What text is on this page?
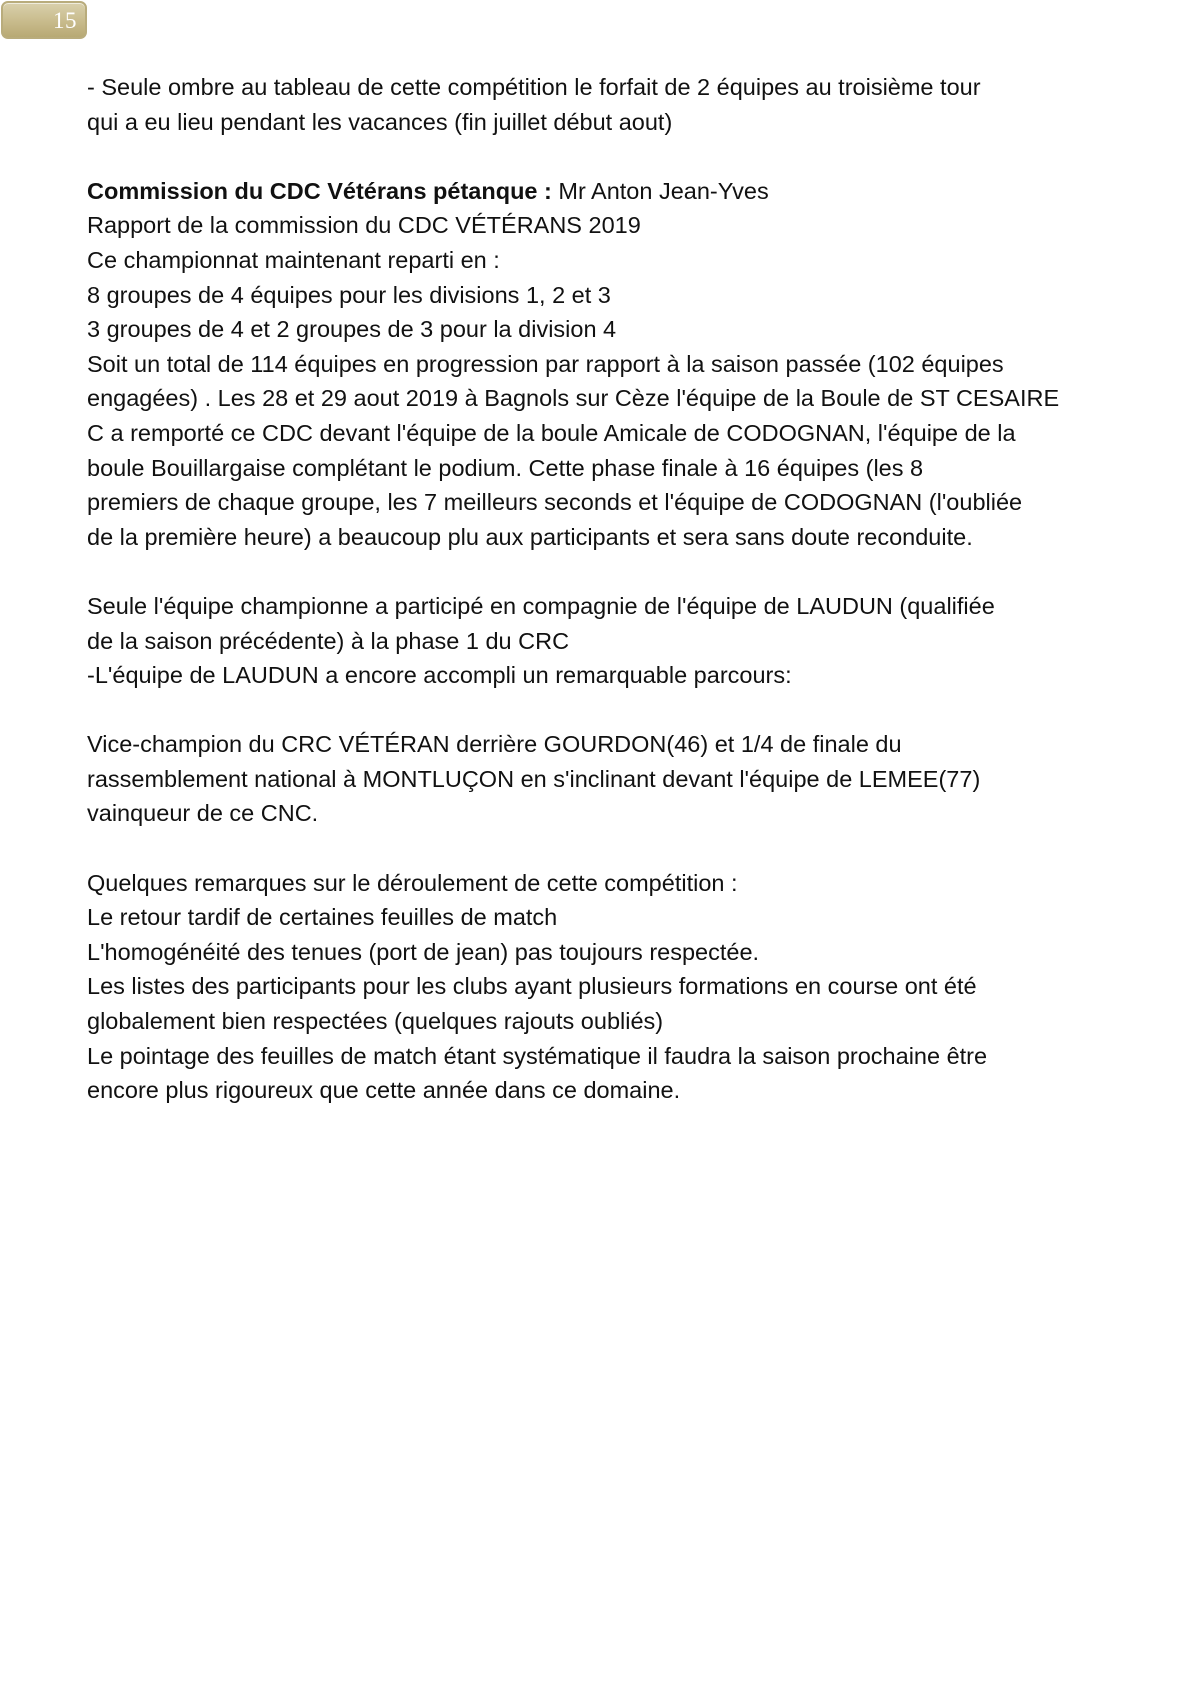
15
- Seule ombre au tableau de cette compétition le forfait de 2 équipes au troisième tour
qui a eu lieu pendant les vacances (fin juillet début aout)
Commission du CDC Vétérans pétanque : Mr Anton Jean-Yves
Rapport de la commission du CDC VÉTÉRANS 2019
Ce championnat maintenant reparti en :
8 groupes de 4 équipes pour les divisions 1, 2 et 3
3 groupes de 4 et 2 groupes de 3 pour la division 4
Soit un total de 114 équipes en progression par rapport à la saison passée (102 équipes
engagées) . Les 28 et 29 aout 2019 à Bagnols sur Cèze l'équipe de la Boule de ST CESAIRE
C a remporté ce CDC devant l'équipe de la boule Amicale de CODOGNAN, l'équipe de la
boule Bouillargaise complétant le podium. Cette phase finale à 16 équipes (les 8
premiers de chaque groupe, les 7 meilleurs seconds et l'équipe de CODOGNAN (l'oubliée
de la première heure) a beaucoup plu aux participants et sera sans doute reconduite.
Seule l'équipe championne a participé en compagnie de l'équipe de LAUDUN (qualifiée
de la saison précédente) à la phase 1 du CRC
-L'équipe de LAUDUN a encore accompli un remarquable parcours:
Vice-champion du CRC VÉTÉRAN derrière GOURDON(46) et 1/4 de finale du
rassemblement national à MONTLUÇON en s'inclinant devant l'équipe de LEMEE(77)
vainqueur de ce CNC.
Quelques remarques sur le déroulement de cette compétition :
Le retour tardif de certaines feuilles de match
L'homogénéité des tenues (port de jean) pas toujours respectée.
Les listes des participants pour les clubs ayant plusieurs formations en course ont été
globalement bien respectées (quelques rajouts oubliés)
Le pointage des feuilles de match étant systématique il faudra la saison prochaine être
encore plus rigoureux que cette année dans ce domaine.
